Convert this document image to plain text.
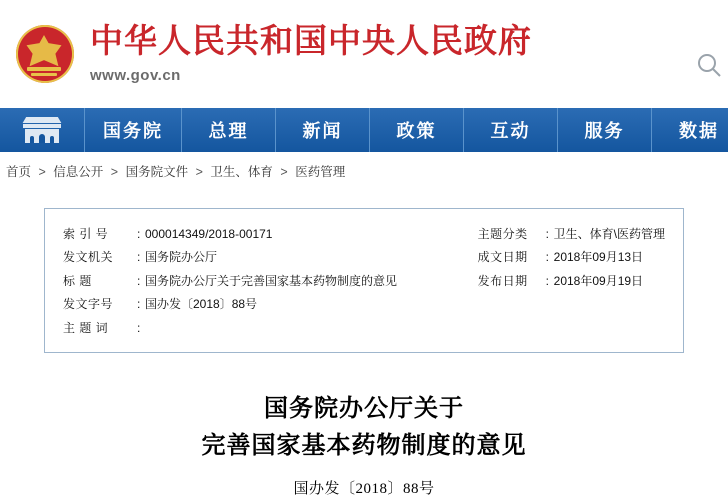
中华人民共和国中央人民政府
www.gov.cn
国务院	总理	新闻	政策	互动	服务	数据
首页 > 信息公开 > 国务院文件 > 卫生、体育 > 医药管理
索 引 号	: 000014349/2018-00171
发文机关	: 国务院办公厅
标 题	: 国务院办公厅关于完善国家基本药物制度的意见
发文字号	: 国办发〔2018〕88号
主 题 词	:
主题分类	: 卫生、体育\医药管理
成文日期	: 2018年09月13日
发布日期	: 2018年09月19日
国务院办公厅关于
完善国家基本药物制度的意见
国办发〔2018〕88号
